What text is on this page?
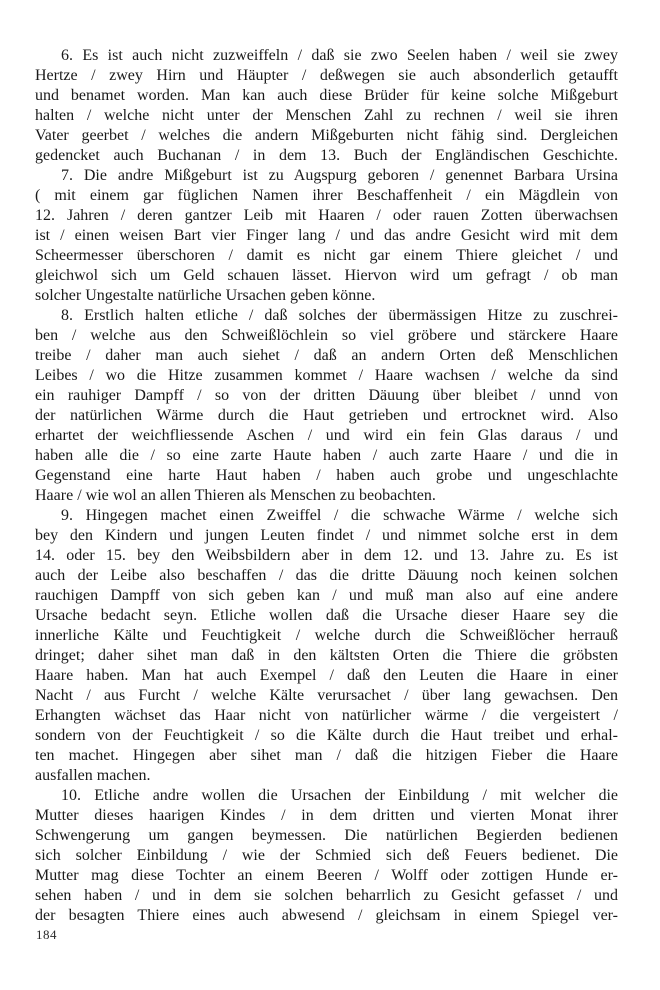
6. Es ist auch nicht zuzweiffeln / daß sie zwo Seelen haben / weil sie zwey
Hertze / zwey Hirn und Häupter / deßwegen sie auch absonderlich getaufft
und benamet worden. Man kan auch diese Brüder für keine solche Mißgeburt
halten / welche nicht unter der Menschen Zahl zu rechnen / weil sie ihren
Vater geerbet / welches die andern Mißgeburten nicht fähig sind. Dergleichen
gedencket auch Buchanan / in dem 13. Buch der Engländischen Geschichte.
7. Die andre Mißgeburt ist zu Augspurg geboren / genennet Barbara Ursina
( mit einem gar füglichen Namen ihrer Beschaffenheit / ein Mägdlein von
12. Jahren / deren gantzer Leib mit Haaren / oder rauen Zotten überwachsen
ist / einen weisen Bart vier Finger lang / und das andre Gesicht wird mit dem
Scheermesser überschoren / damit es nicht gar einem Thiere gleichet / und
gleichwol sich um Geld schauen lässet. Hiervon wird um gefragt / ob man
solcher Ungestalte natürliche Ursachen geben könne.
8. Erstlich halten etliche / daß solches der übermässigen Hitze zu zuschrei-
ben / welche aus den Schweißlöchlein so viel gröbere und stärckere Haare
treibe / daher man auch siehet / daß an andern Orten deß Menschlichen
Leibes / wo die Hitze zusammen kommet / Haare wachsen / welche da sind
ein rauhiger Dampff / so von der dritten Däuung über bleibet / unnd von
der natürlichen Wärme durch die Haut getrieben und ertrocknet wird. Also
erhartet der weichfliessende Aschen / und wird ein fein Glas daraus / und
haben alle die / so eine zarte Haute haben / auch zarte Haare / und die in
Gegenstand eine harte Haut haben / haben auch grobe und ungeschlachte
Haare / wie wol an allen Thieren als Menschen zu beobachten.
9. Hingegen machet einen Zweiffel / die schwache Wärme / welche sich
bey den Kindern und jungen Leuten findet / und nimmet solche erst in dem
14. oder 15. bey den Weibsbildern aber in dem 12. und 13. Jahre zu. Es ist
auch der Leibe also beschaffen / das die dritte Däuung noch keinen solchen
rauchigen Dampff von sich geben kan / und muß man also auf eine andere
Ursache bedacht seyn. Etliche wollen daß die Ursache dieser Haare sey die
innerliche Kälte und Feuchtigkeit / welche durch die Schweißlöcher herrauß
dringet; daher sihet man daß in den kältsten Orten die Thiere die gröbsten
Haare haben. Man hat auch Exempel / daß den Leuten die Haare in einer
Nacht / aus Furcht / welche Kälte verursachet / über lang gewachsen. Den
Erhangten wächset das Haar nicht von natürlicher wärme / die vergeistert /
sondern von der Feuchtigkeit / so die Kälte durch die Haut treibet und erhal-
ten machet. Hingegen aber sihet man / daß die hitzigen Fieber die Haare
ausfallen machen.
10. Etliche andre wollen die Ursachen der Einbildung / mit welcher die
Mutter dieses haarigen Kindes / in dem dritten und vierten Monat ihrer
Schwengerung um gangen beymessen. Die natürlichen Begierden bedienen
sich solcher Einbildung / wie der Schmied sich deß Feuers bedienet. Die
Mutter mag diese Tochter an einem Beeren / Wolff oder zottigen Hunde er-
sehen haben / und in dem sie solchen beharrlich zu Gesicht gefasset / und
der besagten Thiere eines auch abwesend / gleichsam in einem Spiegel ver-
184
